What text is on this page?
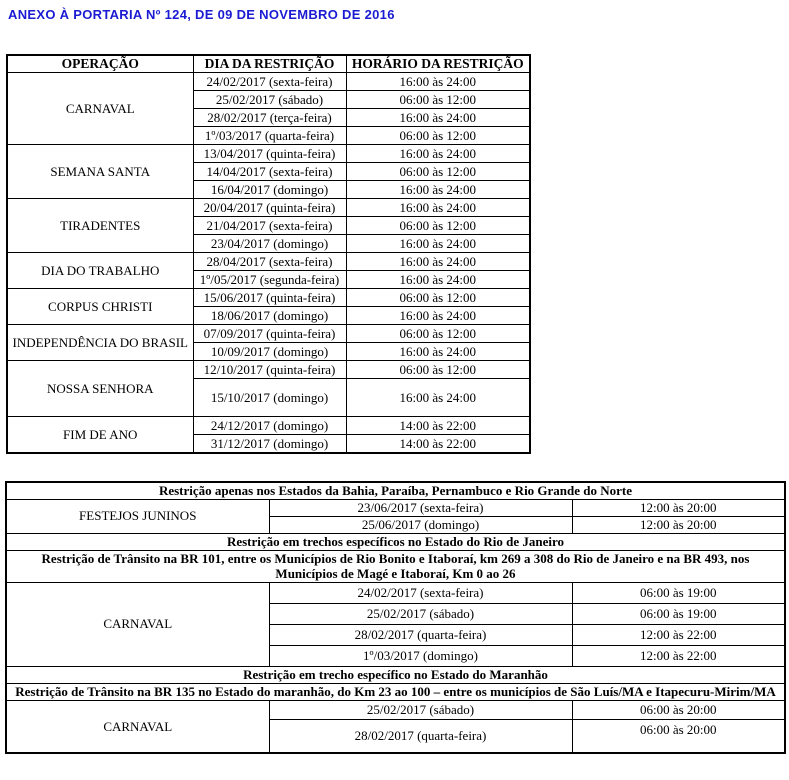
ANEXO À PORTARIA Nº 124, DE 09 DE NOVEMBRO DE 2016
OPERAÇÃO	DIA DA RESTRIÇÃO	HORÁRIO DA RESTRIÇÃO
CARNAVAL	24/02/2017 (sexta-feira)	16:00 às 24:00
	25/02/2017 (sábado)	06:00 às 12:00
	28/02/2017 (terça-feira)	16:00 às 24:00
	1º/03/2017 (quarta-feira)	06:00 às 12:00
SEMANA SANTA	13/04/2017 (quinta-feira)	16:00 às 24:00
	14/04/2017 (sexta-feira)	06:00 às 12:00
	16/04/2017 (domingo)	16:00 às 24:00
TIRADENTES	20/04/2017 (quinta-feira)	16:00 às 24:00
	21/04/2017 (sexta-feira)	06:00 às 12:00
	23/04/2017 (domingo)	16:00 às 24:00
DIA DO TRABALHO	28/04/2017 (sexta-feira)	16:00 às 24:00
	1º/05/2017 (segunda-feira)	16:00 às 24:00
CORPUS CHRISTI	15/06/2017 (quinta-feira)	06:00 às 12:00
	18/06/2017 (domingo)	16:00 às 24:00
INDEPENDÊNCIA DO BRASIL	07/09/2017 (quinta-feira)	06:00 às 12:00
	10/09/2017 (domingo)	16:00 às 24:00
NOSSA SENHORA	12/10/2017 (quinta-feira)	06:00 às 12:00
	15/10/2017 (domingo)	16:00 às 24:00
FIM DE ANO	24/12/2017 (domingo)	14:00 às 22:00
	31/12/2017 (domingo)	14:00 às 22:00
Restrição apenas nos Estados da Bahia, Paraíba, Pernambuco e Rio Grande do Norte		
FESTEJOS JUNINOS	23/06/2017 (sexta-feira)	12:00 às 20:00
	25/06/2017 (domingo)	12:00 às 20:00
Restrição em trechos específicos no Estado do Rio de Janeiro		
Restrição de Trânsito na BR 101, entre os Municípios de Rio Bonito e Itaboraí, km 269 a 308 do Rio de Janeiro e na BR 493, nos Municípios de Magé e Itaboraí, Km 0 ao 26		
CARNAVAL	24/02/2017 (sexta-feira)	06:00 às 19:00
	25/02/2017 (sábado)	06:00 às 19:00
	28/02/2017 (quarta-feira)	12:00 às 22:00
	1º/03/2017 (domingo)	12:00 às 22:00
Restrição em trecho específico no Estado do Maranhão		
Restrição de Trânsito na BR 135 no Estado do maranhão, do Km 23 ao 100 – entre os municípios de São Luís/MA e Itapecuru-Mirim/MA		
CARNAVAL	25/02/2017 (sábado)	06:00 às 20:00
	28/02/2017 (quarta-feira)	06:00 às 20:00
